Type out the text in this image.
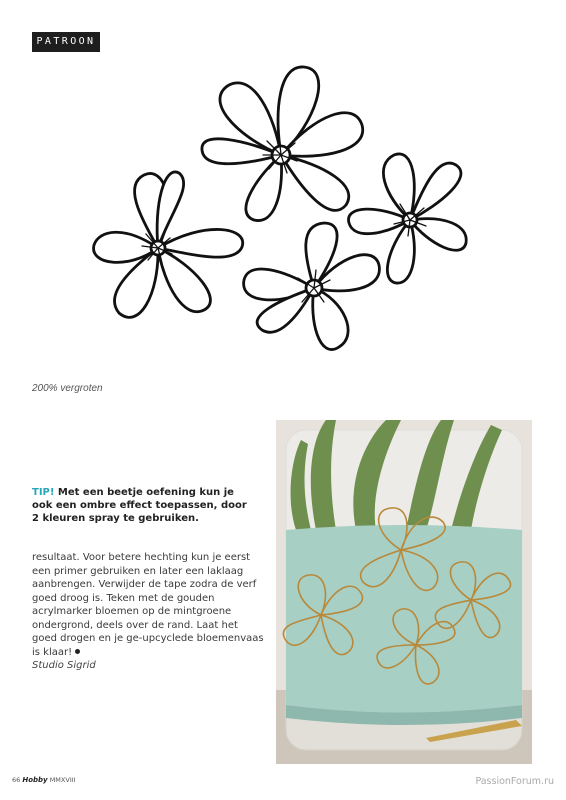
PATROON
200% vergroten
TIP! Met een beetje oefening kun je ook een ombre effect toepassen, door 2 kleuren spray te gebruiken.
resultaat. Voor betere hechting kun je eerst een primer gebruiken en later een laklaag aanbrengen. Verwijder de tape zodra de verf goed droog is. Teken met de gouden acrylmarker bloemen op de mintgroene ondergrond, deels over de rand. Laat het goed drogen en je ge-upcyclede bloemenvaas is klaar!
Studio Sigrid
66 Hobby MMXVIII	PassionForum.ru
